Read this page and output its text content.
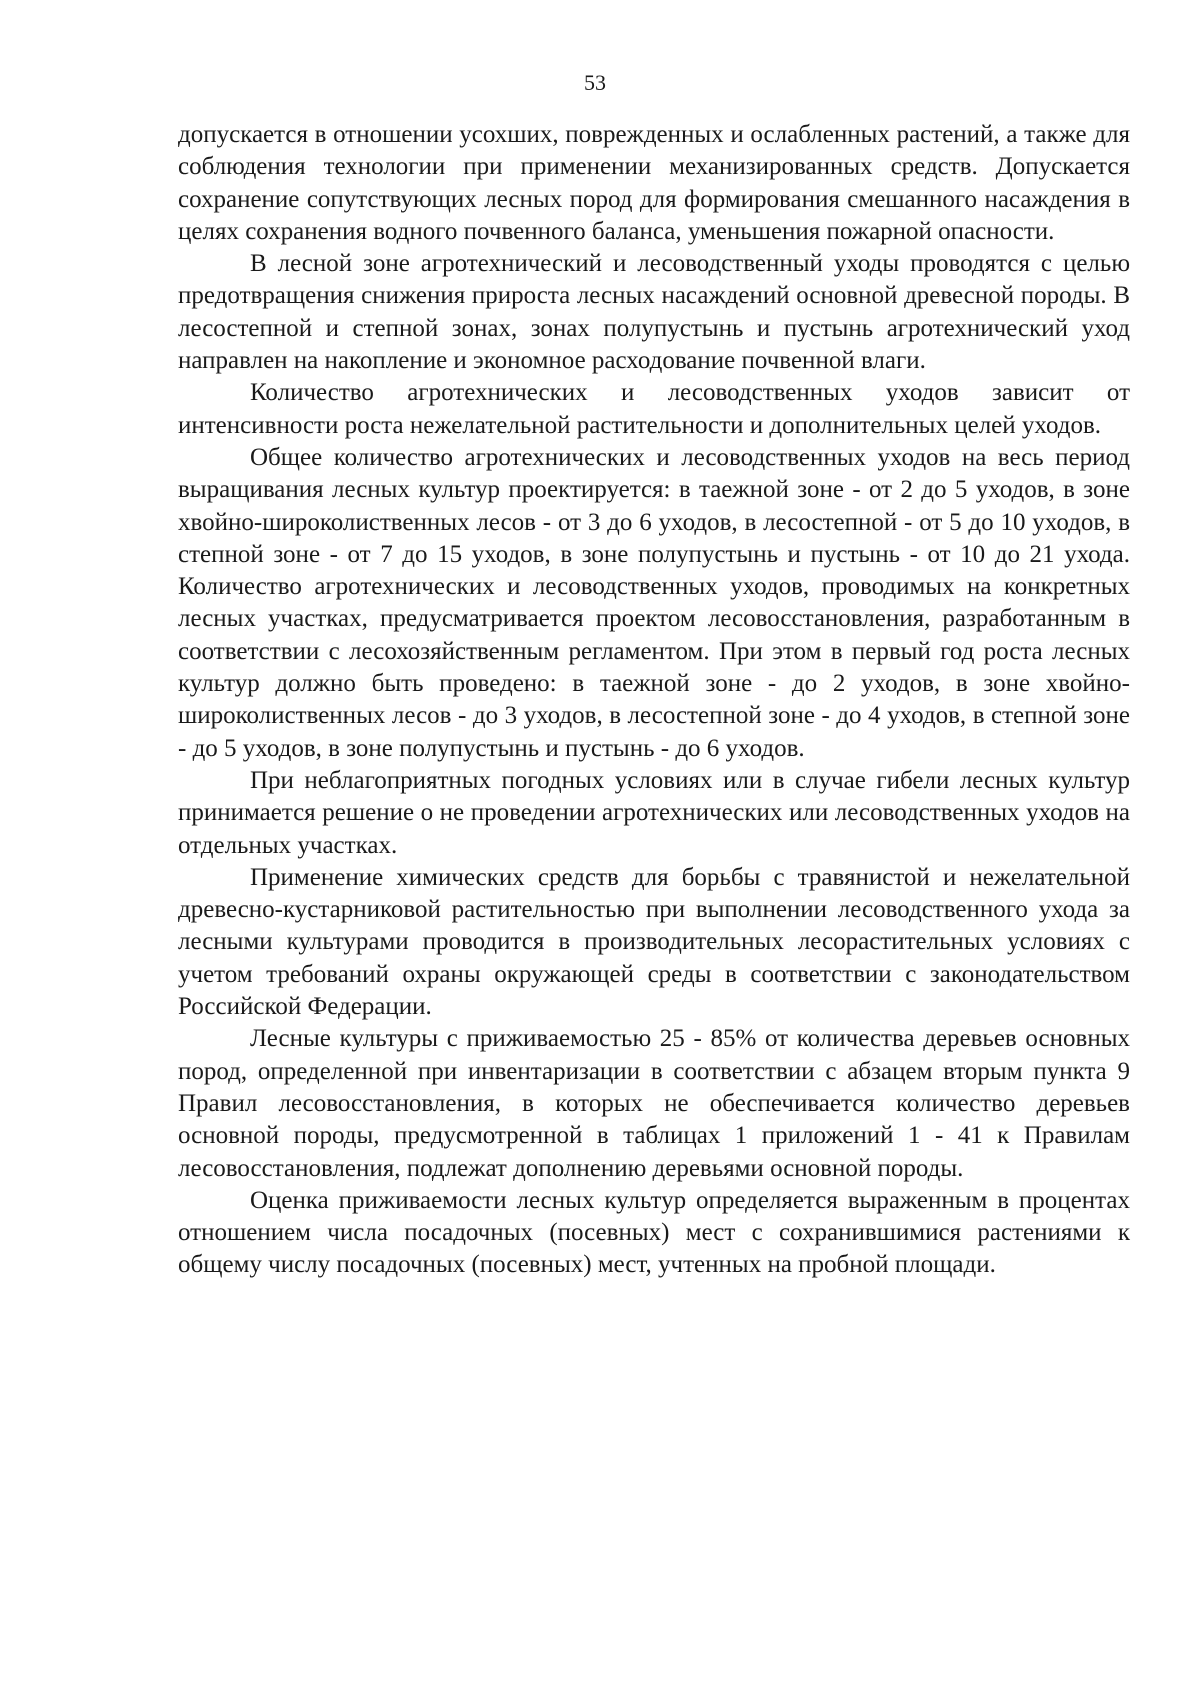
53

допускается в отношении усохших, поврежденных и ослабленных растений, а также для соблюдения технологии при применении механизированных средств. Допускается сохранение сопутствующих лесных пород для формирования смешанного насаждения в целях сохранения водного почвенного баланса, уменьшения пожарной опасности.

В лесной зоне агротехнический и лесоводственный уходы проводятся с целью предотвращения снижения прироста лесных насаждений основной древесной породы. В лесостепной и степной зонах, зонах полупустынь и пустынь агротехнический уход направлен на накопление и экономное расходование почвенной влаги.

Количество агротехнических и лесоводственных уходов зависит от интенсивности роста нежелательной растительности и дополнительных целей уходов.

Общее количество агротехнических и лесоводственных уходов на весь период выращивания лесных культур проектируется: в таежной зоне - от 2 до 5 уходов, в зоне хвойно-широколиственных лесов - от 3 до 6 уходов, в лесостепной - от 5 до 10 уходов, в степной зоне - от 7 до 15 уходов, в зоне полупустынь и пустынь - от 10 до 21 ухода. Количество агротехнических и лесоводственных уходов, проводимых на конкретных лесных участках, предусматривается проектом лесовосстановления, разработанным в соответствии с лесохозяйственным регламентом. При этом в первый год роста лесных культур должно быть проведено: в таежной зоне - до 2 уходов, в зоне хвойно-широколиственных лесов - до 3 уходов, в лесостепной зоне - до 4 уходов, в степной зоне - до 5 уходов, в зоне полупустынь и пустынь - до 6 уходов.

При неблагоприятных погодных условиях или в случае гибели лесных культур принимается решение о не проведении агротехнических или лесоводственных уходов на отдельных участках.

Применение химических средств для борьбы с травянистой и нежелательной древесно-кустарниковой растительностью при выполнении лесоводственного ухода за лесными культурами проводится в производительных лесорастительных условиях с учетом требований охраны окружающей среды в соответствии с законодательством Российской Федерации.

Лесные культуры с приживаемостью 25 - 85% от количества деревьев основных пород, определенной при инвентаризации в соответствии с абзацем вторым пункта 9 Правил лесовосстановления, в которых не обеспечивается количество деревьев основной породы, предусмотренной в таблицах 1 приложений 1 - 41 к Правилам лесовосстановления, подлежат дополнению деревьями основной породы.

Оценка приживаемости лесных культур определяется выраженным в процентах отношением числа посадочных (посевных) мест с сохранившимися растениями к общему числу посадочных (посевных) мест, учтенных на пробной площади.
